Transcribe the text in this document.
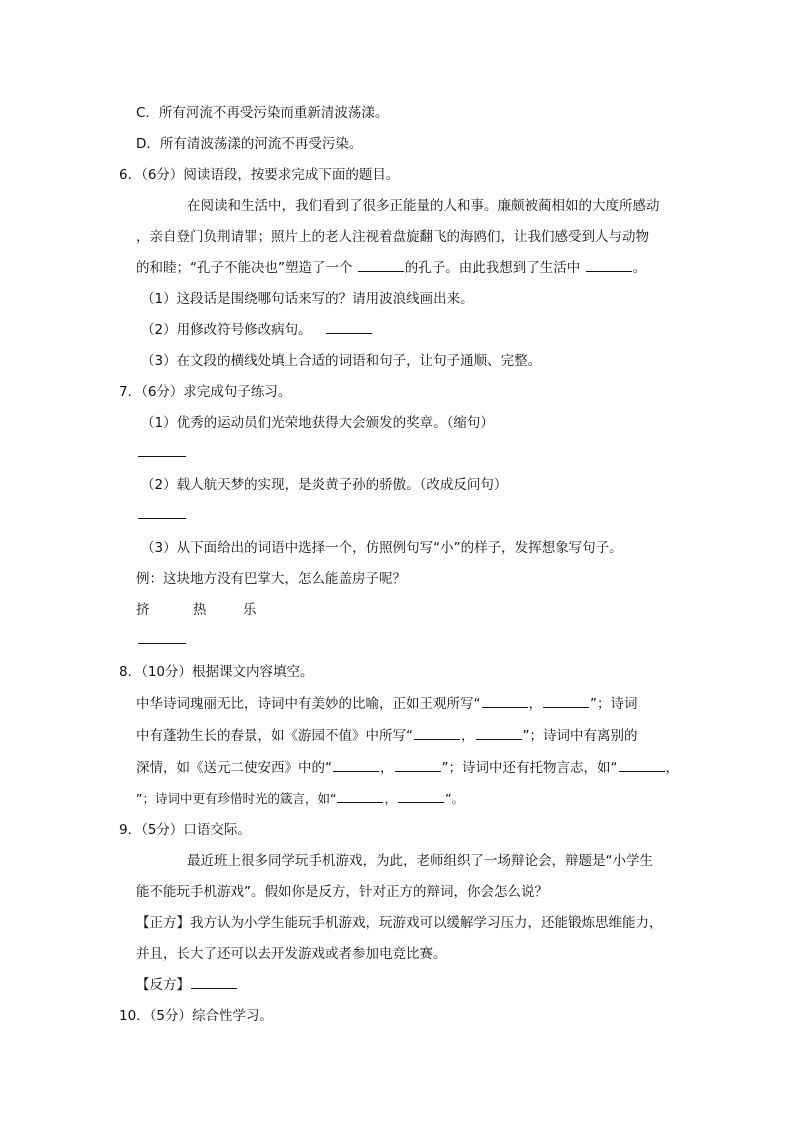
C．所有河流不再受污染而重新清波荡漾。
D．所有清波荡漾的河流不再受污染。
6．（6分）阅读语段，按要求完成下面的题目。
在阅读和生活中，我们看到了很多正能量的人和事。廉颇被蔺相如的大度所感动
，亲自登门负荆请罪；照片上的老人注视着盘旋翻飞的海鸥们，让我们感受到人与动物
的和睦；“孔子不能决也”塑造了一个	的孔子。由此我想到了生活中	。
（1）这段话是围绕哪句话来写的？请用波浪线画出来。
（2）用修改符号修改病句。
（3）在文段的横线处填上合适的词语和句子，让句子通顺、完整。
7．（6分）求完成句子练习。
（1）优秀的运动员们光荣地获得大会颁发的奖章。（缩句）
（2）载人航天梦的实现，是炎黄子孙的骄傲。（改成反问句）
（3）从下面给出的词语中选择一个，仿照例句写“小”的样子，发挥想象写句子。
例：这块地方没有巴掌大，怎么能盖房子呢？
挤	热	乐
8．（10分）根据课文内容填空。
中华诗词瑰丽无比，诗词中有美妙的比喻，正如王观所写“	，	”；诗词
中有蓬勃生长的春景，如《游园不值》中所写“	，	”；诗词中有离别的
深情，如《送元二使安西》中的“	，	”；诗词中还有托物言志，如“	，
”；诗词中更有珍惜时光的箴言，如“	，	”。
9．（5分）口语交际。
最近班上很多同学玩手机游戏，为此，老师组织了一场辩论会，辩题是“小学生
能不能玩手机游戏”。假如你是反方，针对正方的辩词，你会怎么说？
【正方】我方认为小学生能玩手机游戏，玩游戏可以缓解学习压力，还能锻炼思维能力，
并且，长大了还可以去开发游戏或者参加电竞比赛。
【反方】
10．（5分）综合性学习。
